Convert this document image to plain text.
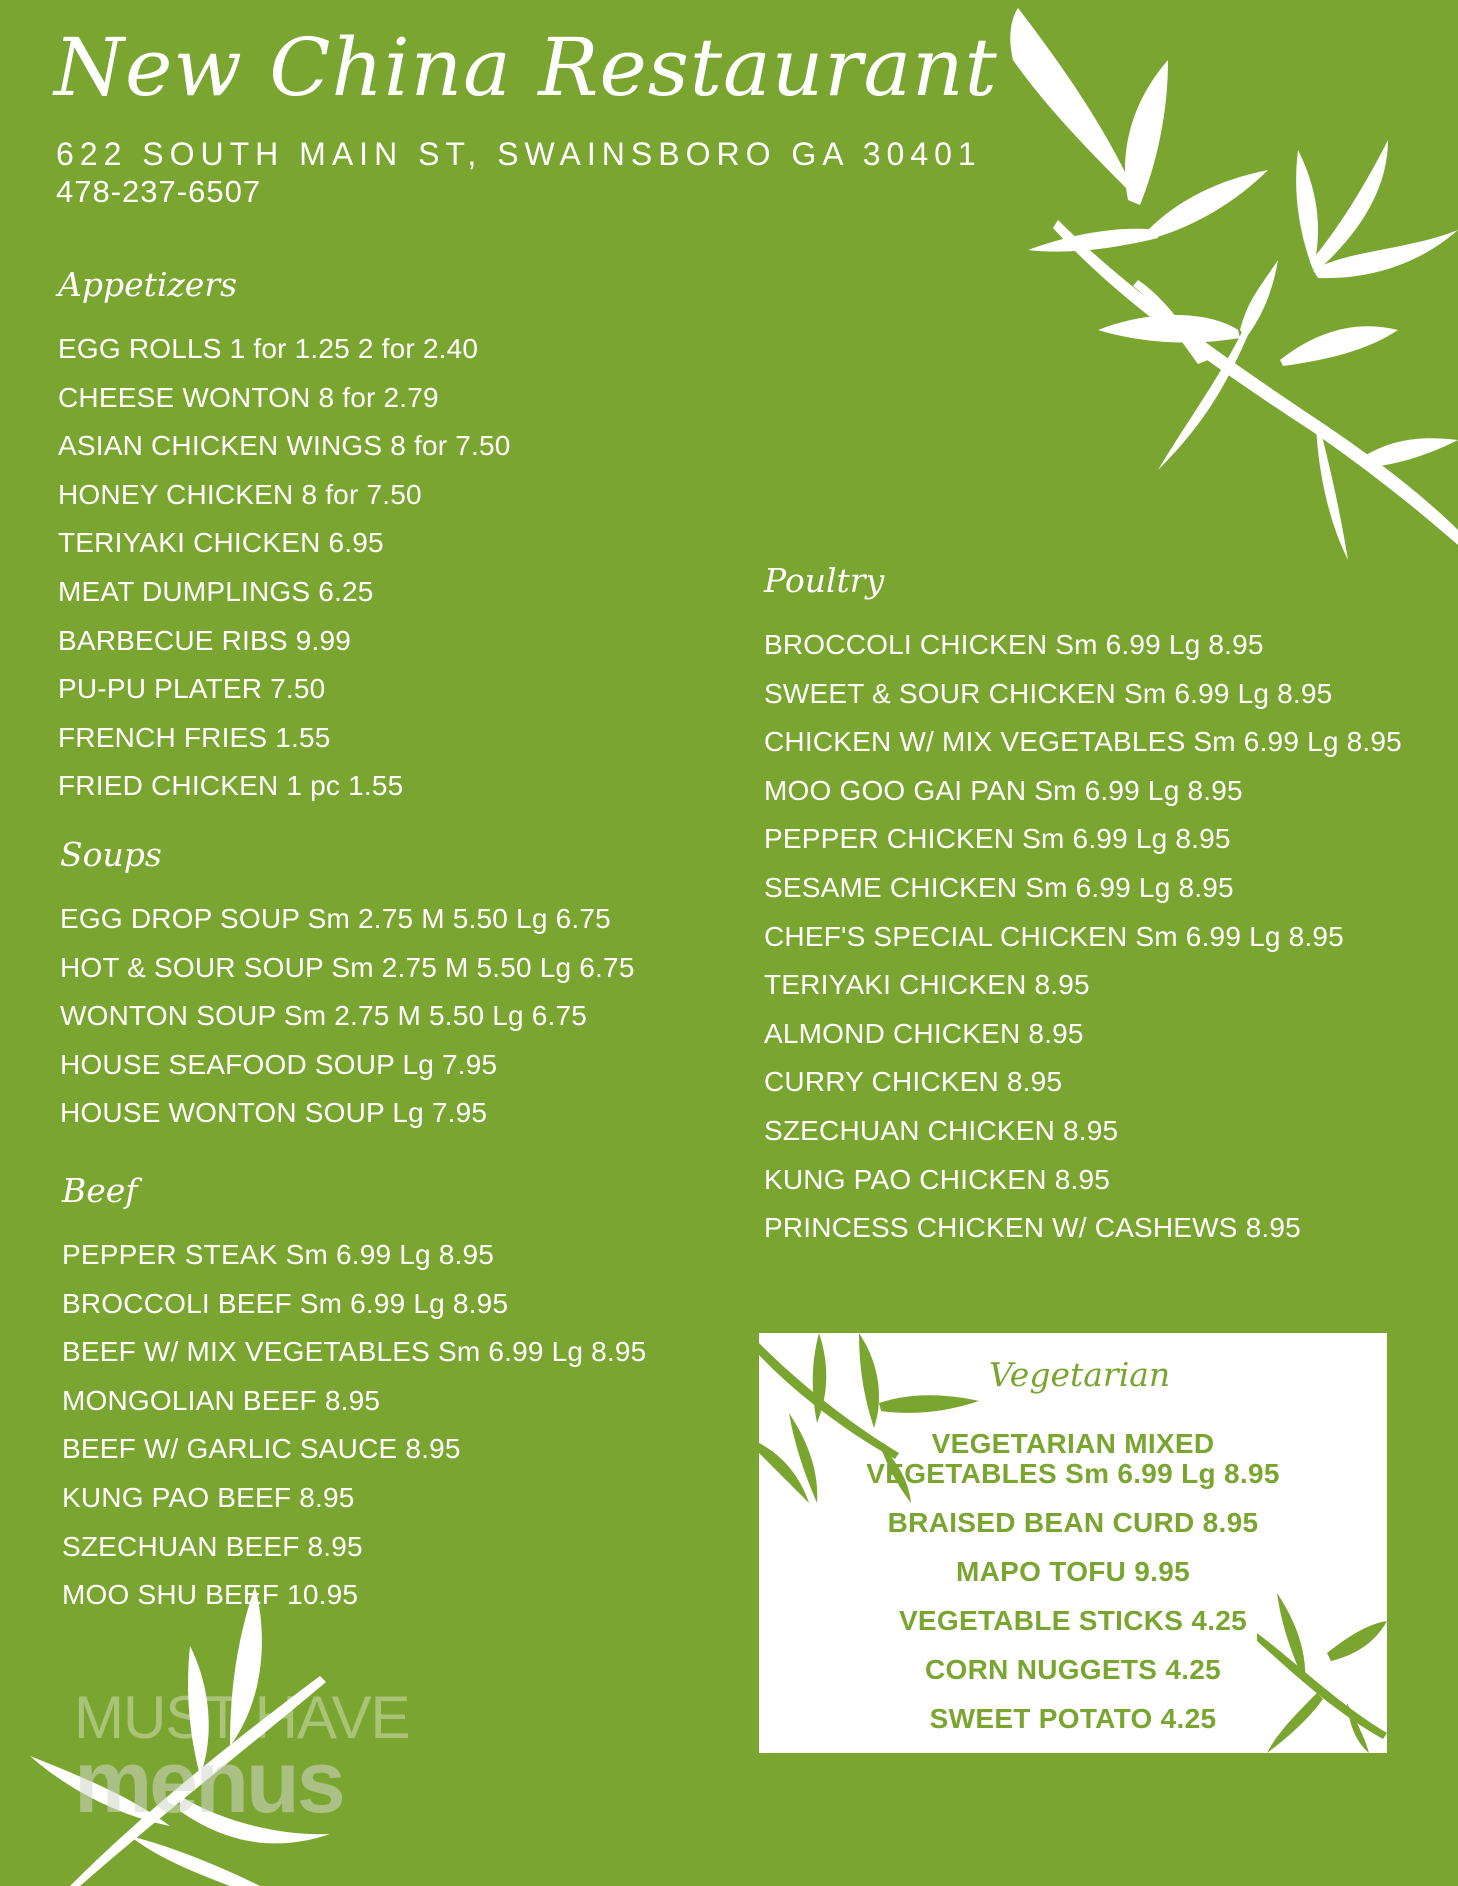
New China Restaurant
622 SOUTH MAIN ST, SWAINSBORO GA 30401
478-237-6507
Appetizers
EGG ROLLS 1 for 1.25 2 for 2.40
CHEESE WONTON 8 for 2.79
ASIAN CHICKEN WINGS 8 for 7.50
HONEY CHICKEN 8 for 7.50
TERIYAKI CHICKEN 6.95
MEAT DUMPLINGS 6.25
BARBECUE RIBS 9.99
PU-PU PLATER 7.50
FRENCH FRIES 1.55
FRIED CHICKEN 1 pc 1.55
Soups
EGG DROP SOUP Sm 2.75 M 5.50 Lg 6.75
HOT & SOUR SOUP Sm 2.75 M 5.50 Lg 6.75
WONTON SOUP Sm 2.75 M 5.50 Lg 6.75
HOUSE SEAFOOD SOUP Lg 7.95
HOUSE WONTON SOUP Lg 7.95
Beef
PEPPER STEAK Sm 6.99 Lg 8.95
BROCCOLI BEEF Sm 6.99 Lg 8.95
BEEF W/ MIX VEGETABLES Sm 6.99 Lg 8.95
MONGOLIAN BEEF 8.95
BEEF W/ GARLIC SAUCE 8.95
KUNG PAO BEEF 8.95
SZECHUAN BEEF 8.95
MOO SHU BEEF 10.95
Poultry
BROCCOLI CHICKEN Sm 6.99 Lg 8.95
SWEET & SOUR CHICKEN Sm 6.99 Lg 8.95
CHICKEN W/ MIX VEGETABLES Sm 6.99 Lg 8.95
MOO GOO GAI PAN Sm 6.99 Lg 8.95
PEPPER CHICKEN Sm 6.99 Lg 8.95
SESAME CHICKEN Sm 6.99 Lg 8.95
CHEF'S SPECIAL CHICKEN Sm 6.99 Lg 8.95
TERIYAKI CHICKEN 8.95
ALMOND CHICKEN 8.95
CURRY CHICKEN 8.95
SZECHUAN CHICKEN 8.95
KUNG PAO CHICKEN 8.95
PRINCESS CHICKEN W/ CASHEWS 8.95
Vegetarian
VEGETARIAN MIXED
VEGETABLES Sm 6.99 Lg 8.95
BRAISED BEAN CURD 8.95
MAPO TOFU 9.95
VEGETABLE STICKS 4.25
CORN NUGGETS 4.25
SWEET POTATO 4.25
MUST HAVE
menus
